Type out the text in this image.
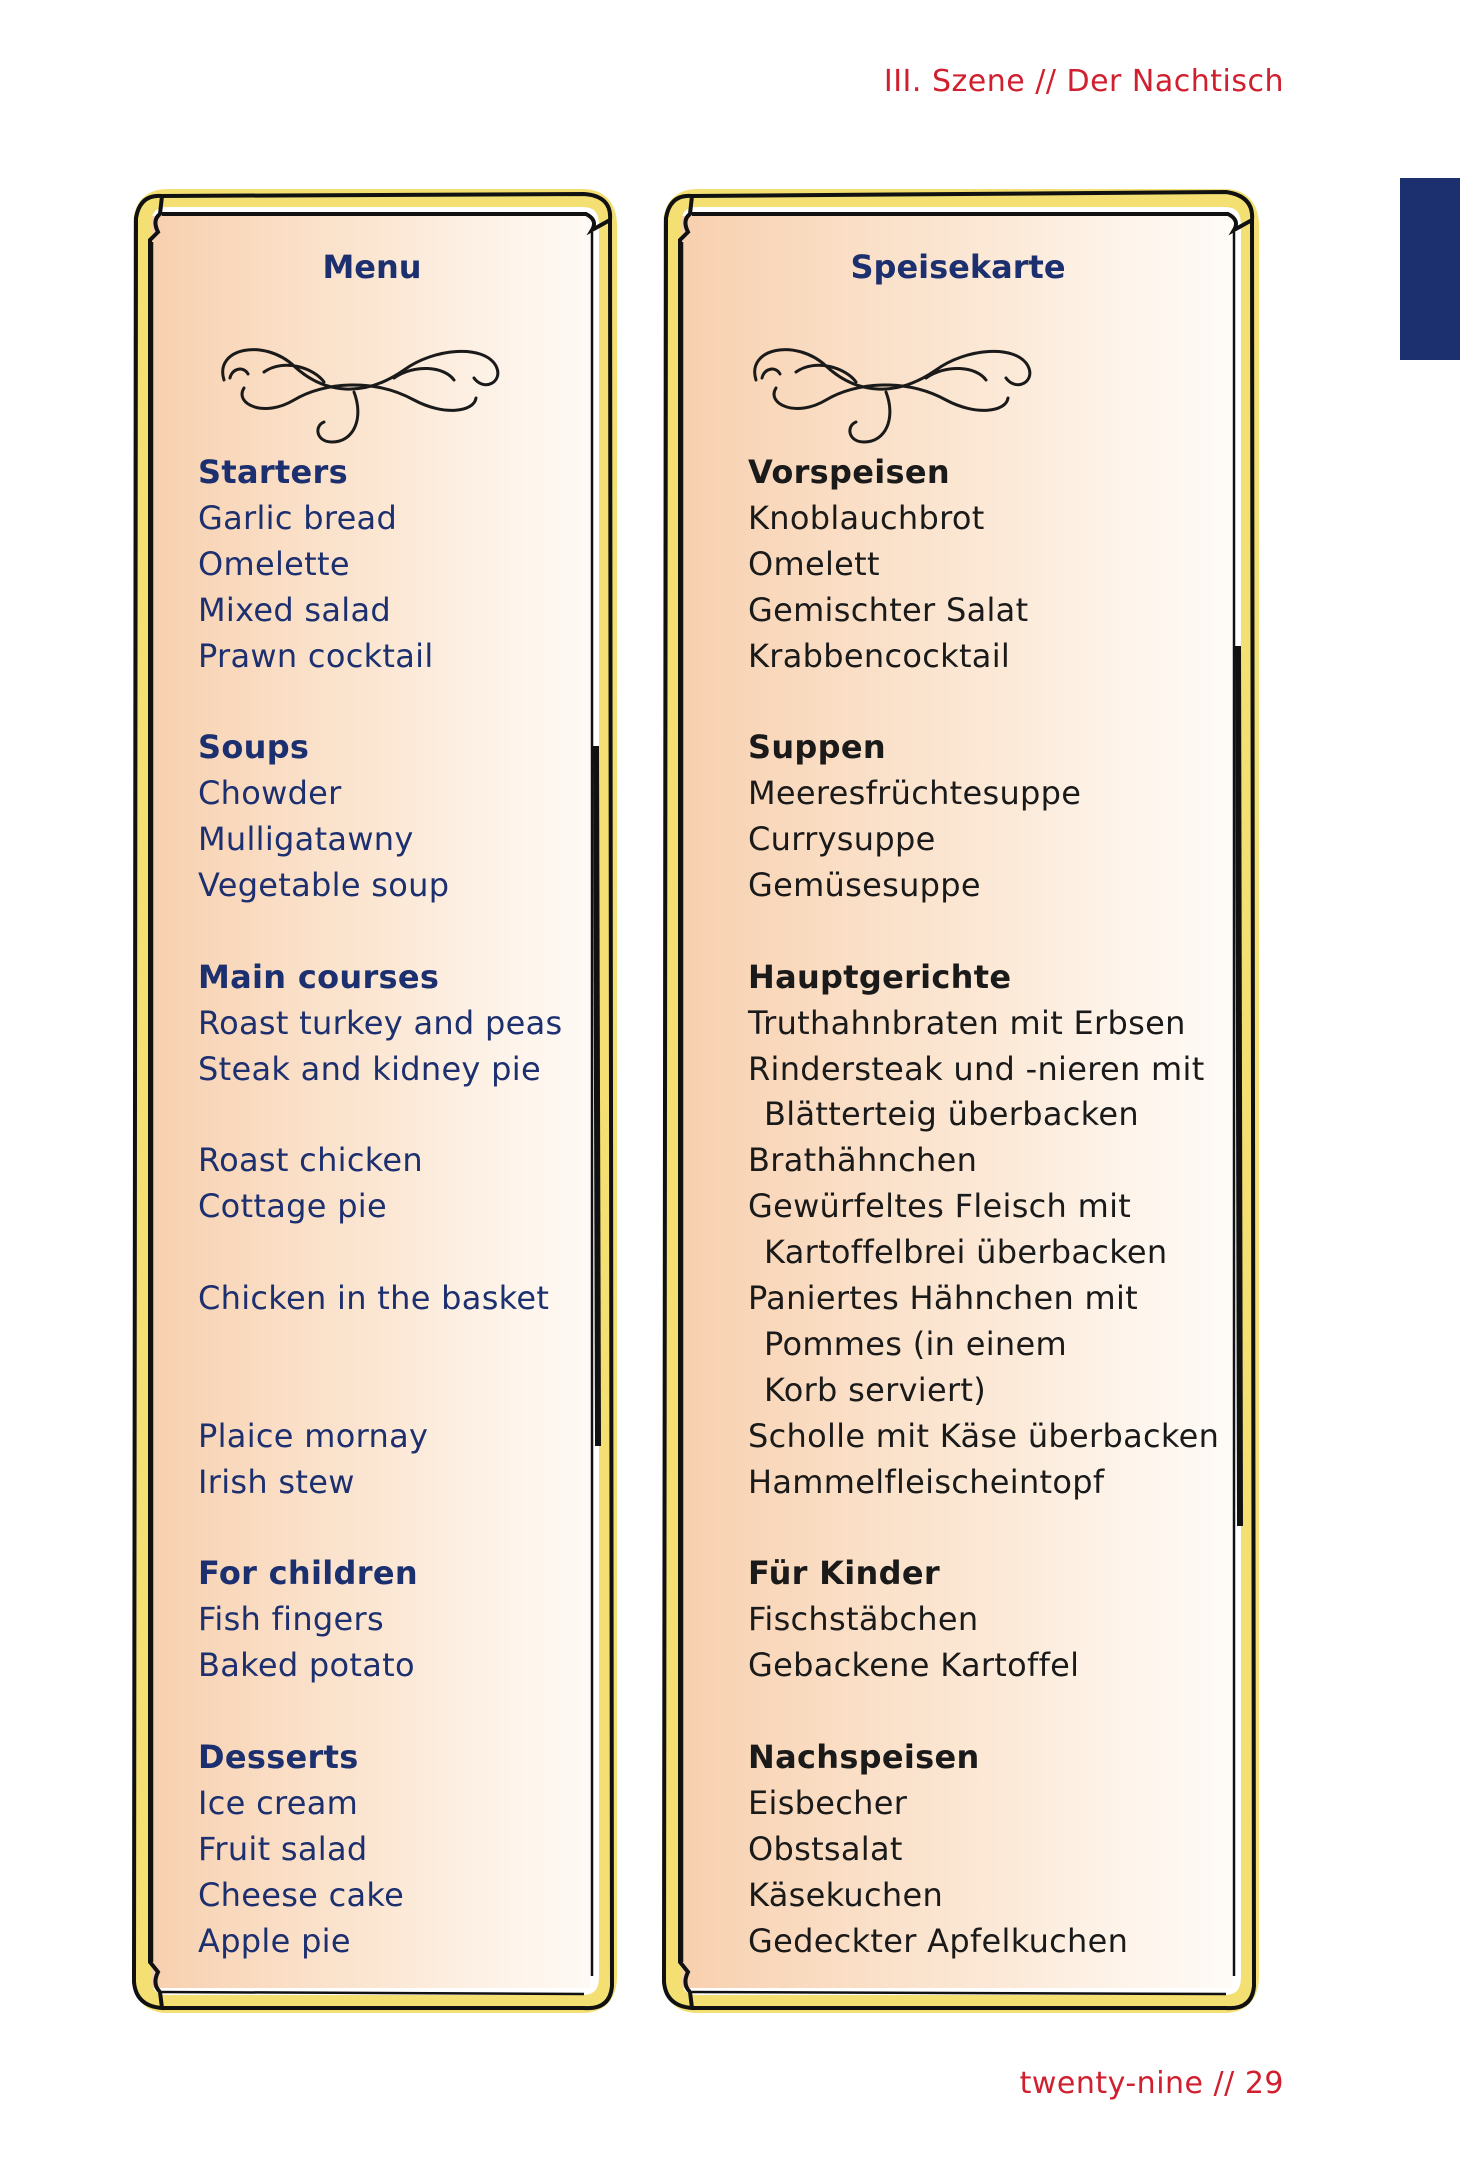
III. Szene // Der Nachtisch
Menu
Starters
Garlic bread
Omelette
Mixed salad
Prawn cocktail
Soups
Chowder
Mulligatawny
Vegetable soup
Main courses
Roast turkey and peas
Steak and kidney pie
Roast chicken
Cottage pie
Chicken in the basket
Plaice mornay
Irish stew
For children
Fish fingers
Baked potato
Desserts
Ice cream
Fruit salad
Cheese cake
Apple pie
Speisekarte
Vorspeisen
Knoblauchbrot
Omelett
Gemischter Salat
Krabbencocktail
Suppen
Meeresfrüchtesuppe
Currysuppe
Gemüsesuppe
Hauptgerichte
Truthahnbraten mit Erbsen
Rindersteak und -nieren mit
Blätterteig überbacken
Brathähnchen
Gewürfeltes Fleisch mit
Kartoffelbrei überbacken
Paniertes Hähnchen mit
Pommes (in einem
Korb serviert)
Scholle mit Käse überbacken
Hammelfleischeintopf
Für Kinder
Fischstäbchen
Gebackene Kartoffel
Nachspeisen
Eisbecher
Obstsalat
Käsekuchen
Gedeckter Apfelkuchen
twenty-nine // 29
